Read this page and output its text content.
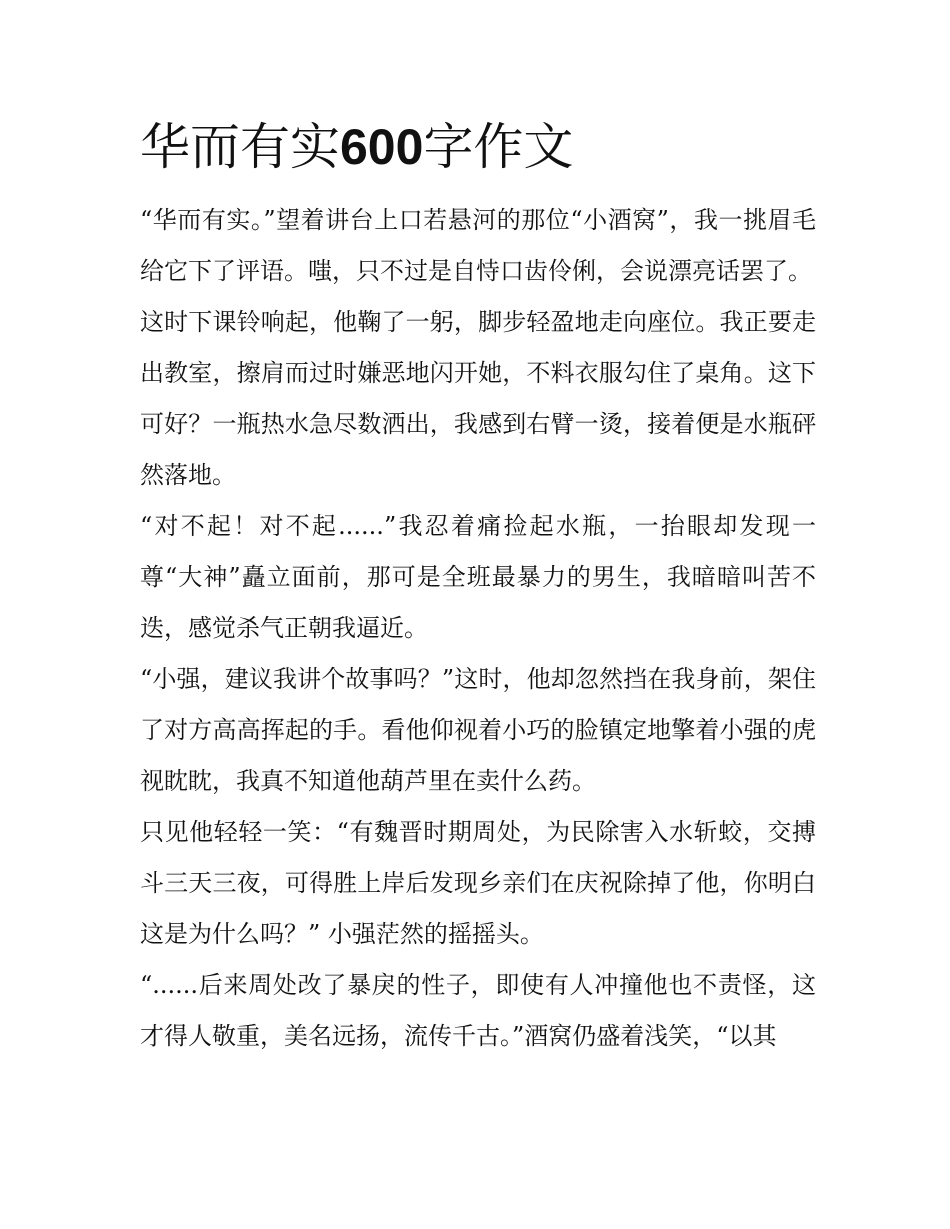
华而有实600字作文

“华而有实。”望着讲台上口若悬河的那位“小酒窝”，我一挑眉毛给它下了评语。嗤，只不过是自恃口齿伶俐，会说漂亮话罢了。

这时下课铃响起，他鞠了一躬，脚步轻盈地走向座位。我正要走出教室，擦肩而过时嫌恶地闪开她，不料衣服勾住了桌角。这下可好？一瓶热水急尽数洒出，我感到右臂一烫，接着便是水瓶砰然落地。

“对不起！对不起......”我忍着痛捡起水瓶，一抬眼却发现一尊“大神”矗立面前，那可是全班最暴力的男生，我暗暗叫苦不迭，感觉杀气正朝我逼近。

“小强，建议我讲个故事吗？”这时，他却忽然挡在我身前，架住了对方高高挥起的手。看他仰视着小巧的脸镇定地擎着小强的虎视眈眈，我真不知道他葫芦里在卖什么药。

只见他轻轻一笑：“有魏晋时期周处，为民除害入水斩蛟，交搏斗三天三夜，可得胜上岸后发现乡亲们在庆祝除掉了他，你明白这是为什么吗？” 小强茫然的摇摇头。

“......后来周处改了暴戾的性子，即使有人冲撞他也不责怪，这才得人敬重，美名远扬，流传千古。”酒窝仍盛着浅笑，“以其
